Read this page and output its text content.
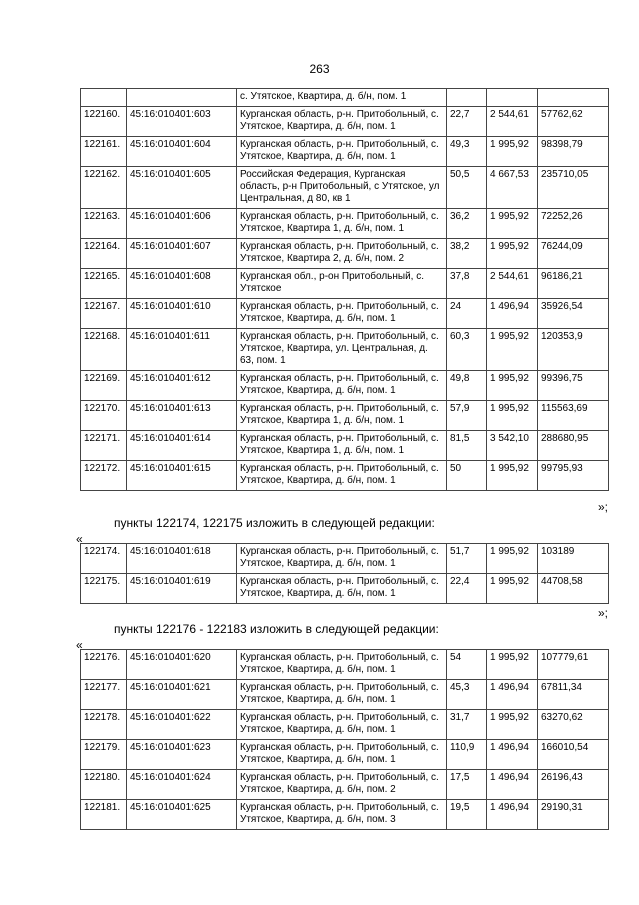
263
		с. Утятское, Квартира, д. б/н, пом. 1			
122160.	45:16:010401:603	Курганская область, р-н. Притобольный, с. Утятское, Квартира, д. б/н, пом. 1	22,7	2 544,61	57762,62
122161.	45:16:010401:604	Курганская область, р-н. Притобольный, с. Утятское, Квартира, д. б/н, пом. 1	49,3	1 995,92	98398,79
122162.	45:16:010401:605	Российская Федерация, Курганская область, р-н Притобольный, с Утятское, ул Центральная, д 80, кв 1	50,5	4 667,53	235710,05
122163.	45:16:010401:606	Курганская область, р-н. Притобольный, с. Утятское, Квартира 1, д. б/н, пом. 1	36,2	1 995,92	72252,26
122164.	45:16:010401:607	Курганская область, р-н. Притобольный, с. Утятское, Квартира 2, д. б/н, пом. 2	38,2	1 995,92	76244,09
122165.	45:16:010401:608	Курганская обл., р-он Притобольный, с. Утятское	37,8	2 544,61	96186,21
122167.	45:16:010401:610	Курганская область, р-н. Притобольный, с. Утятское, Квартира, д. б/н, пом. 1	24	1 496,94	35926,54
122168.	45:16:010401:611	Курганская область, р-н. Притобольный, с. Утятское, Квартира, ул. Центральная, д. 63, пом. 1	60,3	1 995,92	120353,9
122169.	45:16:010401:612	Курганская область, р-н. Притобольный, с. Утятское, Квартира, д. б/н, пом. 1	49,8	1 995,92	99396,75
122170.	45:16:010401:613	Курганская область, р-н. Притобольный, с. Утятское, Квартира 1, д. б/н, пом. 1	57,9	1 995,92	115563,69
122171.	45:16:010401:614	Курганская область, р-н. Притобольный, с. Утятское, Квартира 1, д. б/н, пом. 1	81,5	3 542,10	288680,95
122172.	45:16:010401:615	Курганская область, р-н. Притобольный, с. Утятское, Квартира, д. б/н, пом. 1	50	1 995,92	99795,93
»;
пункты 122174, 122175 изложить в следующей редакции:
«
122174.	45:16:010401:618	Курганская область, р-н. Притобольный, с. Утятское, Квартира, д. б/н, пом. 1	51,7	1 995,92	103189
122175.	45:16:010401:619	Курганская область, р-н. Притобольный, с. Утятское, Квартира, д. б/н, пом. 1	22,4	1 995,92	44708,58
»;
пункты 122176 - 122183 изложить в следующей редакции:
«
122176.	45:16:010401:620	Курганская область, р-н. Притобольный, с. Утятское, Квартира, д. б/н, пом. 1	54	1 995,92	107779,61
122177.	45:16:010401:621	Курганская область, р-н. Притобольный, с. Утятское, Квартира, д. б/н, пом. 1	45,3	1 496,94	67811,34
122178.	45:16:010401:622	Курганская область, р-н. Притобольный, с. Утятское, Квартира, д. б/н, пом. 1	31,7	1 995,92	63270,62
122179.	45:16:010401:623	Курганская область, р-н. Притобольный, с. Утятское, Квартира, д. б/н, пом. 1	110,9	1 496,94	166010,54
122180.	45:16:010401:624	Курганская область, р-н. Притобольный, с. Утятское, Квартира, д. б/н, пом. 2	17,5	1 496,94	26196,43
122181.	45:16:010401:625	Курганская область, р-н. Притобольный, с. Утятское, Квартира, д. б/н, пом. 3	19,5	1 496,94	29190,31
